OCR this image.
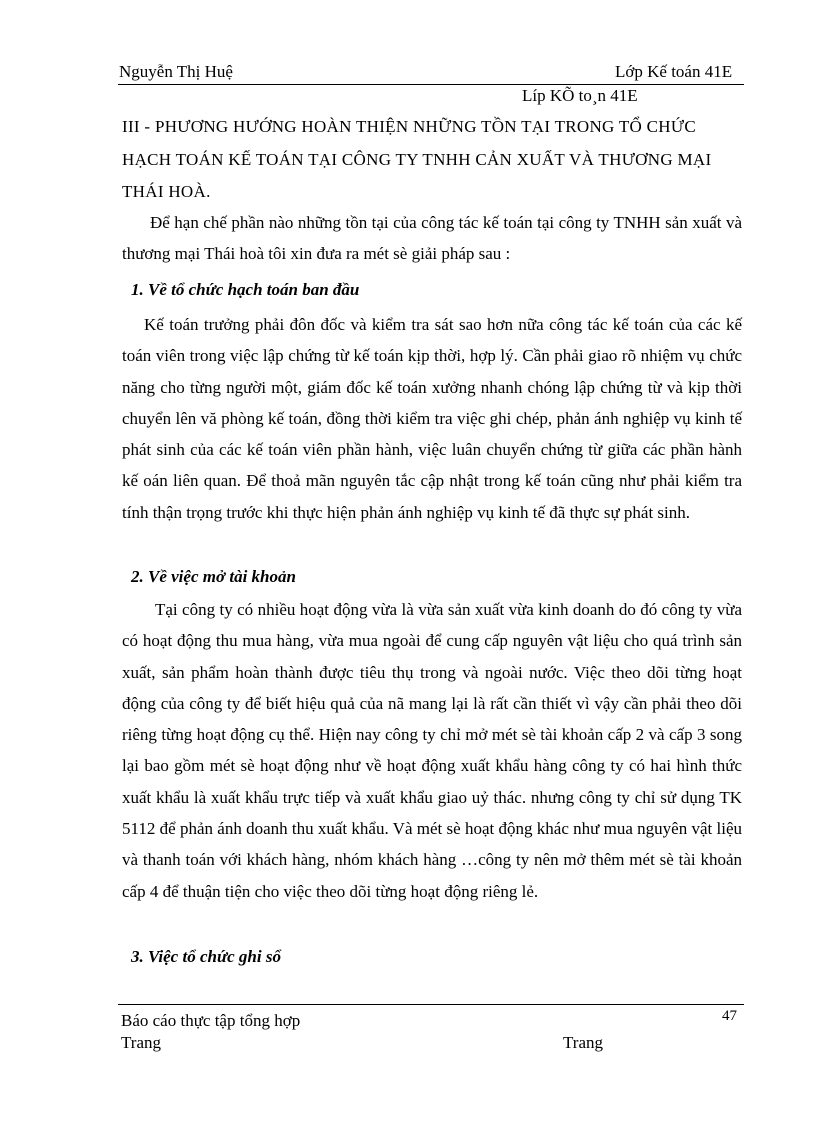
Nguyễn Thị Huệ	Lớp Kế toán 41E
Líp KÕ to¸n 41E
III - PHƯƠNG HƯỚNG HOÀN THIỆN NHỮNG TỒN TẠI TRONG TỔ CHỨC
HẠCH TOÁN KẾ TOÁN TẠI CÔNG TY TNHH CẢN XUẤT VÀ THƯƠNG MẠI
THÁI HOÀ.
Để hạn chế phần nào những tồn tại của công tác kế toán tại công ty TNHH sản xuất và thương mại Thái hoà tôi xin đưa ra mét sè giải pháp sau :
1. Về tổ chức hạch toán ban đầu
Kế toán trưởng phải đôn đốc và kiểm tra sát sao hơn nữa công tác kế toán của các kế toán viên trong việc lập chứng từ kế toán kịp thời, hợp lý. Cần phải giao rõ nhiệm vụ chức năng cho từng người một, giám đốc kế toán xưởng nhanh chóng lập chứng từ và kịp thời chuyển lên vă phòng kế toán, đồng thời kiểm tra việc ghi chép, phản ánh nghiệp vụ kinh tế phát sinh của các kế toán viên phần hành, việc luân chuyển chứng từ giữa các phần hành kế oán liên quan. Để thoả mãn nguyên tắc cập nhật trong kế toán cũng như phải kiểm tra tính thận trọng trước khi thực hiện phản ánh nghiệp vụ kinh tế đã thực sự phát sinh.
2. Về việc mở tài khoản
Tại công ty có nhiều hoạt động vừa là vừa sản xuất vừa kinh doanh do đó công ty vừa có hoạt động thu mua hàng, vừa mua ngoài để cung cấp nguyên vật liệu cho quá trình sản xuất, sản phẩm hoàn thành được tiêu thụ trong và ngoài nước. Việc theo dõi từng hoạt động của công ty để biết hiệu quả của nã mang lại là rất cần thiết vì vậy cần phải theo dõi riêng từng hoạt động cụ thể. Hiện nay công ty chỉ mở mét sè tài khoản cấp 2 và cấp 3 song lại bao gồm mét sè hoạt động như về hoạt động xuất khẩu hàng công ty có hai hình thức xuất khẩu là xuất khẩu trực tiếp và xuất khẩu giao uỷ thác. nhưng công ty chỉ sử dụng TK 5112 để phản ánh doanh thu xuất khẩu. Và mét sè hoạt động khác như mua nguyên vật liệu và thanh toán với khách hàng, nhóm khách hàng …công ty nên mở thêm mét sè tài khoản cấp 4 để thuận tiện cho việc theo dõi từng hoạt động riêng lẻ.
3. Việc tổ chức ghi sổ
Báo cáo thực tập tổng hợp	47
Trang	Trang
